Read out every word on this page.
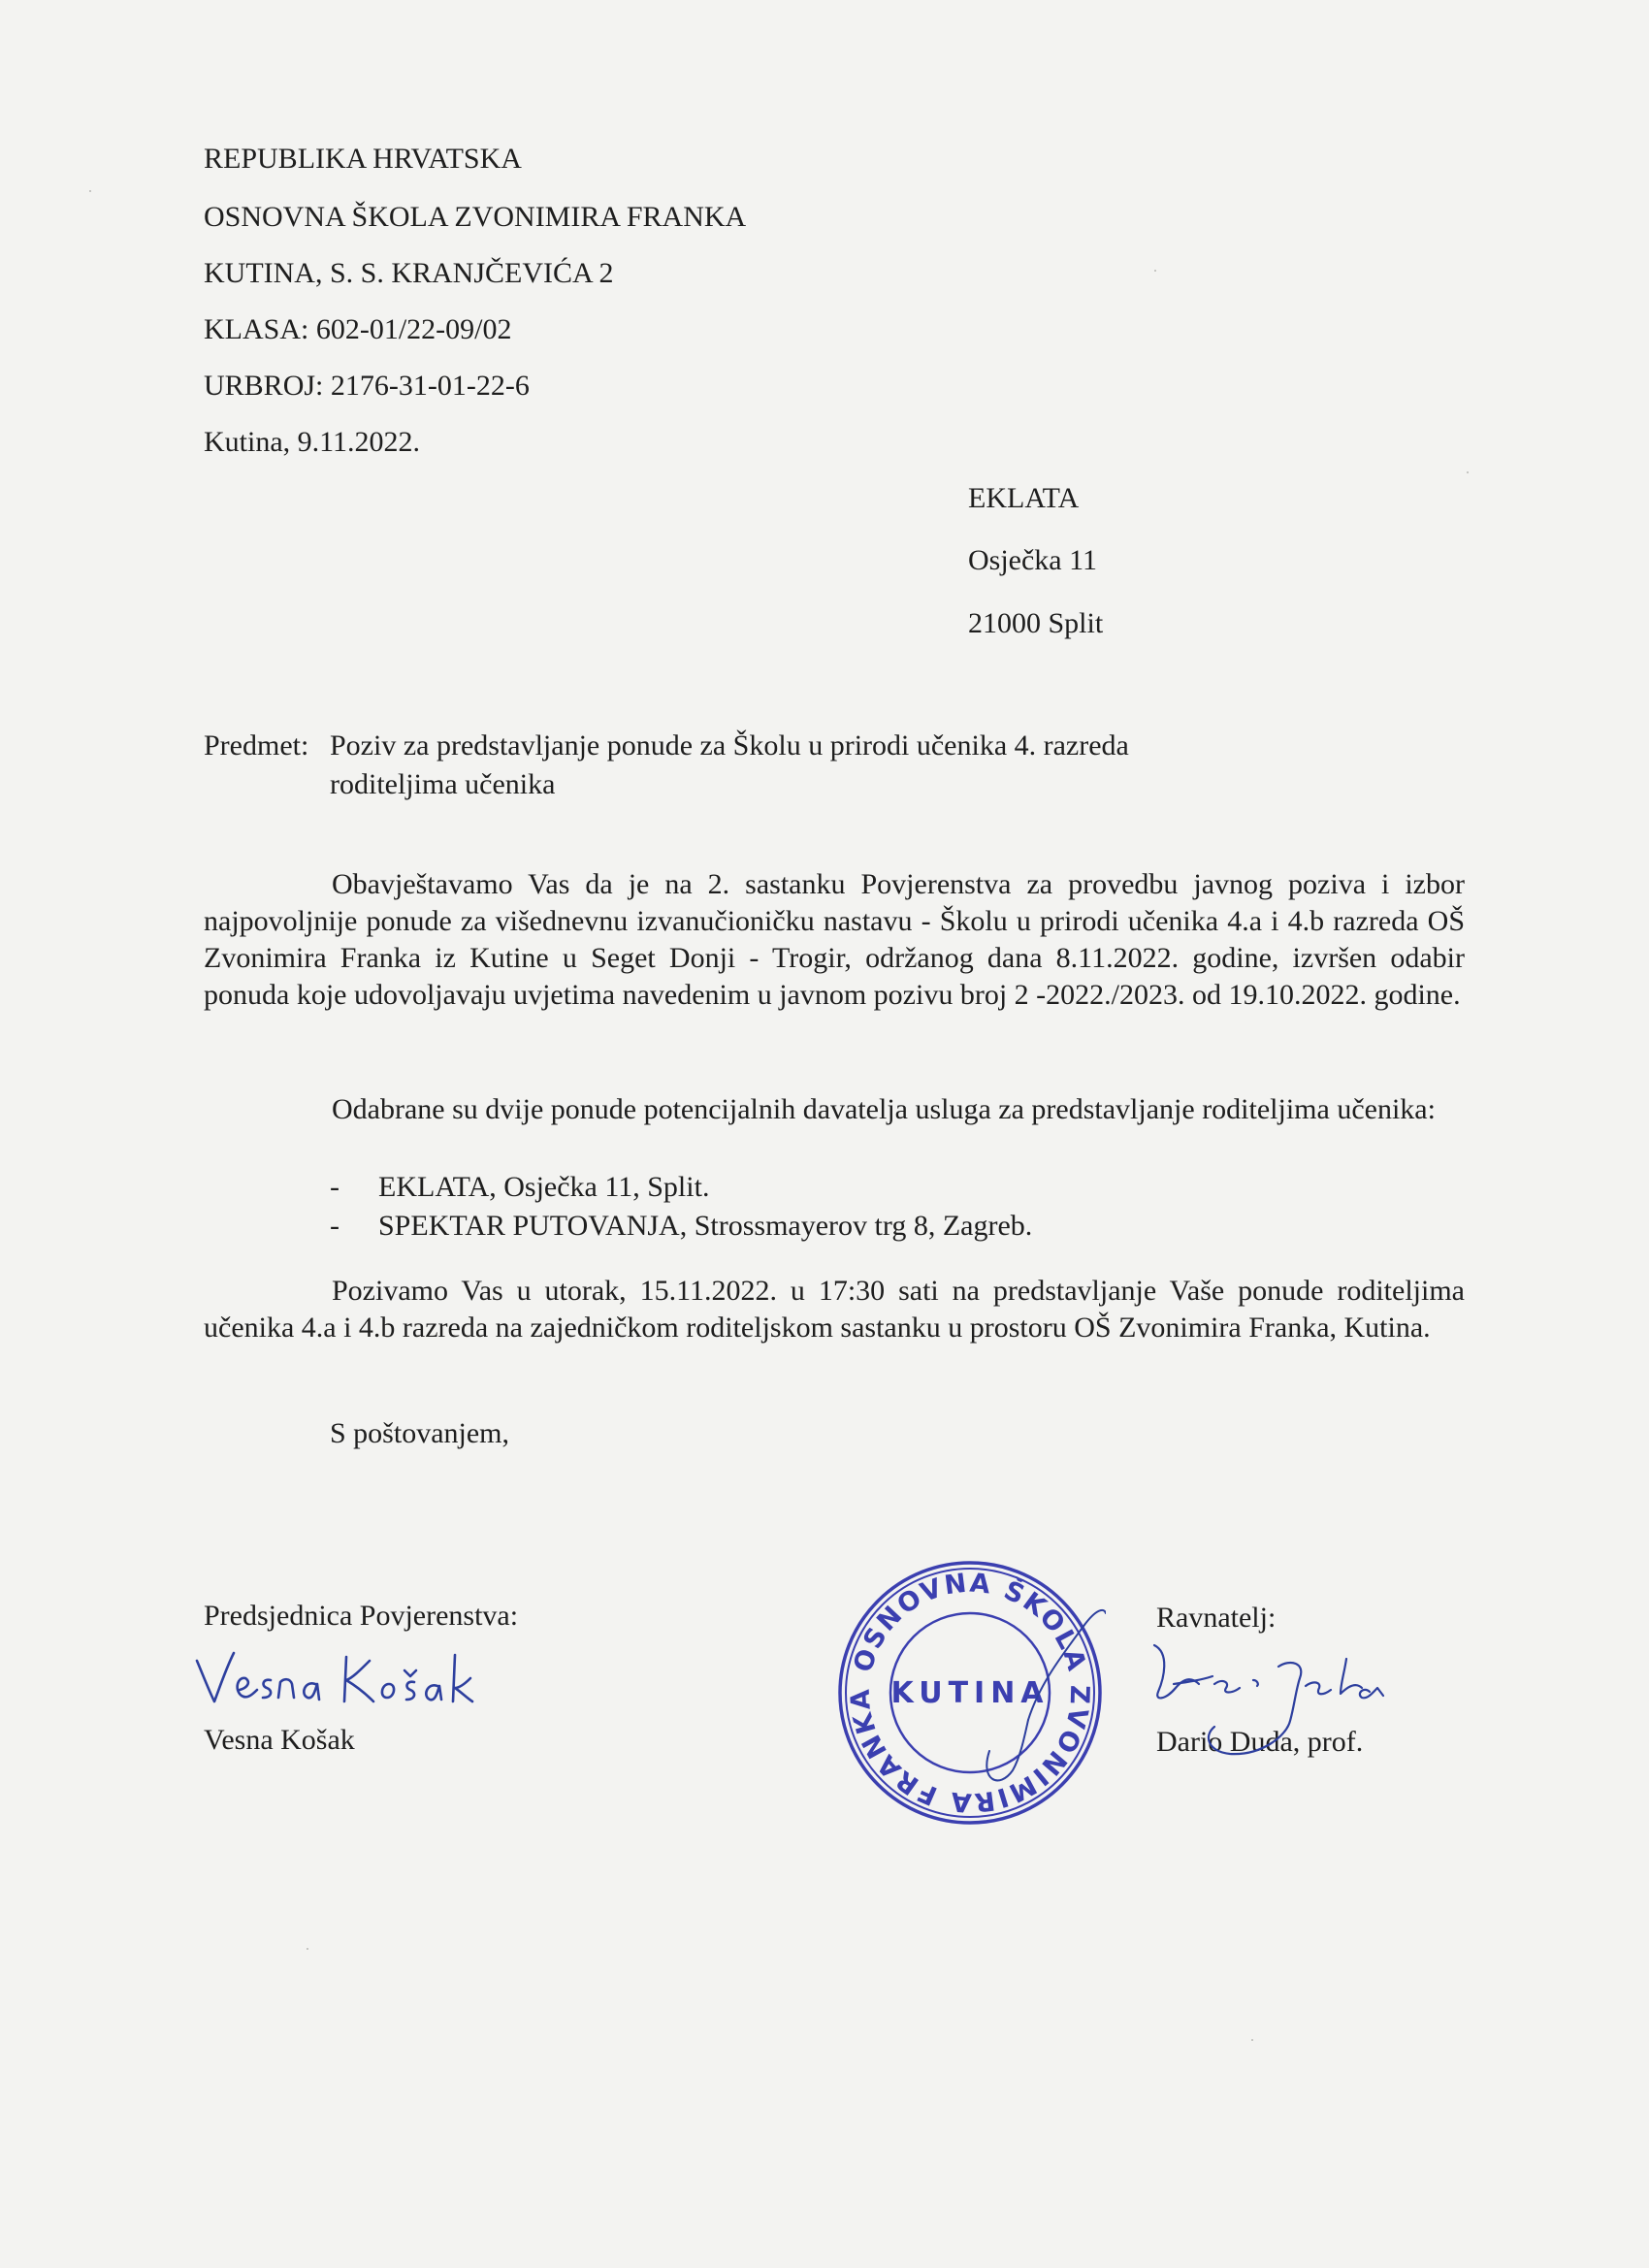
REPUBLIKA HRVATSKA

OSNOVNA ŠKOLA ZVONIMIRA FRANKA

KUTINA, S. S. KRANJČEVIĆA 2

KLASA: 602-01/22-09/02

URBROJ: 2176-31-01-22-6

Kutina, 9.11.2022.

EKLATA

Osječka 11

21000 Split

Predmet: Poziv za predstavljanje ponude za Školu u prirodi učenika 4. razreda

roditeljima učenika

Obavještavamo Vas da je na 2. sastanku Povjerenstva za provedbu javnog poziva i izbor najpovoljnije ponude za višednevnu izvanučioničku nastavu - Školu u prirodi učenika 4.a i 4.b razreda OŠ Zvonimira Franka iz Kutine u Seget Donji - Trogir, održanog dana 8.11.2022. godine, izvršen odabir ponuda koje udovoljavaju uvjetima navedenim u javnom pozivu broj 2 -2022./2023. od 19.10.2022. godine.

Odabrane su dvije ponude potencijalnih davatelja usluga za predstavljanje roditeljima učenika:

- EKLATA, Osječka 11, Split.
- SPEKTAR PUTOVANJA, Strossmayerov trg 8, Zagreb.

Pozivamo Vas u utorak, 15.11.2022. u 17:30 sati na predstavljanje Vaše ponude roditeljima učenika 4.a i 4.b razreda na zajedničkom roditeljskom sastanku u prostoru OŠ Zvonimira Franka, Kutina.

S poštovanjem,

Predsjednica Povjerenstva:

Vesna Košak

Ravnatelj:

Dario Duda, prof.

OSNOVNA ŠKOLA ZVONIMIRA FRANKA KUTINA
